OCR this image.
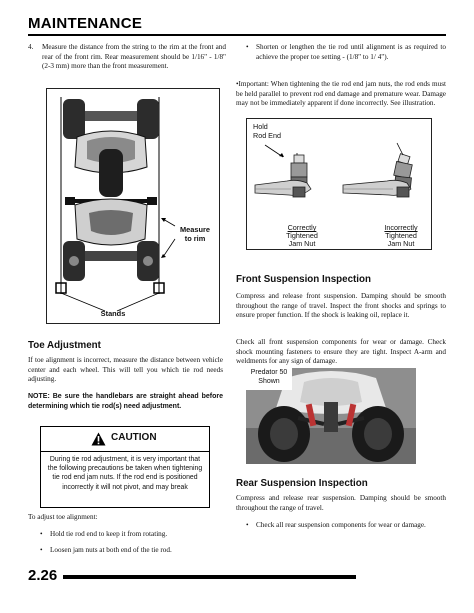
MAINTENANCE
4.	Measure the distance from the string to the rim at the front and rear of the front rim. Rear measurement should be 1/16" - 1/8" (2-3 mm) more than the front measurement.
Measure
to rim
Stands
Toe Adjustment
If toe alignment is incorrect, measure the distance between vehicle center and each wheel. This will tell you which tie rod needs adjusting.
NOTE: Be sure the handlebars are straight ahead before determining which tie rod(s) need adjustment.
CAUTION
During tie rod adjustment, it is very important that the following precautions be taken when tightening tie rod end jam nuts. If the rod end is positioned incorrectly it will not pivot, and may break
To adjust toe alignment:
• Hold tie rod end to keep it from rotating.
• Loosen jam nuts at both end of the tie rod.
• Shorten or lengthen the tie rod until alignment is as required to achieve the proper toe setting - (1/8" to 1/ 4").
•Important: When tightening the tie rod end jam nuts, the rod ends must be held parallel to prevent rod end damage and premature wear. Damage may not be immediately apparent if done incorrectly. See illustration.
Hold
Rod End
Correctly
Tightened
Jam Nut
Incorrectly
Tightened
Jam Nut
Front Suspension Inspection
Compress and release front suspension. Damping should be smooth throughout the range of travel. Inspect the front shocks and springs to ensure proper function. If the shock is leaking oil, replace it.
Check all front suspension components for wear or damage. Check shock mounting fasteners to ensure they are tight. Inspect A-arm and weldments for any sign of damage.
Predator 50
Shown
Rear Suspension Inspection
Compress and release rear suspension. Damping should be smooth throughout the range of travel.
• Check all rear suspension components for wear or damage.
2.26
